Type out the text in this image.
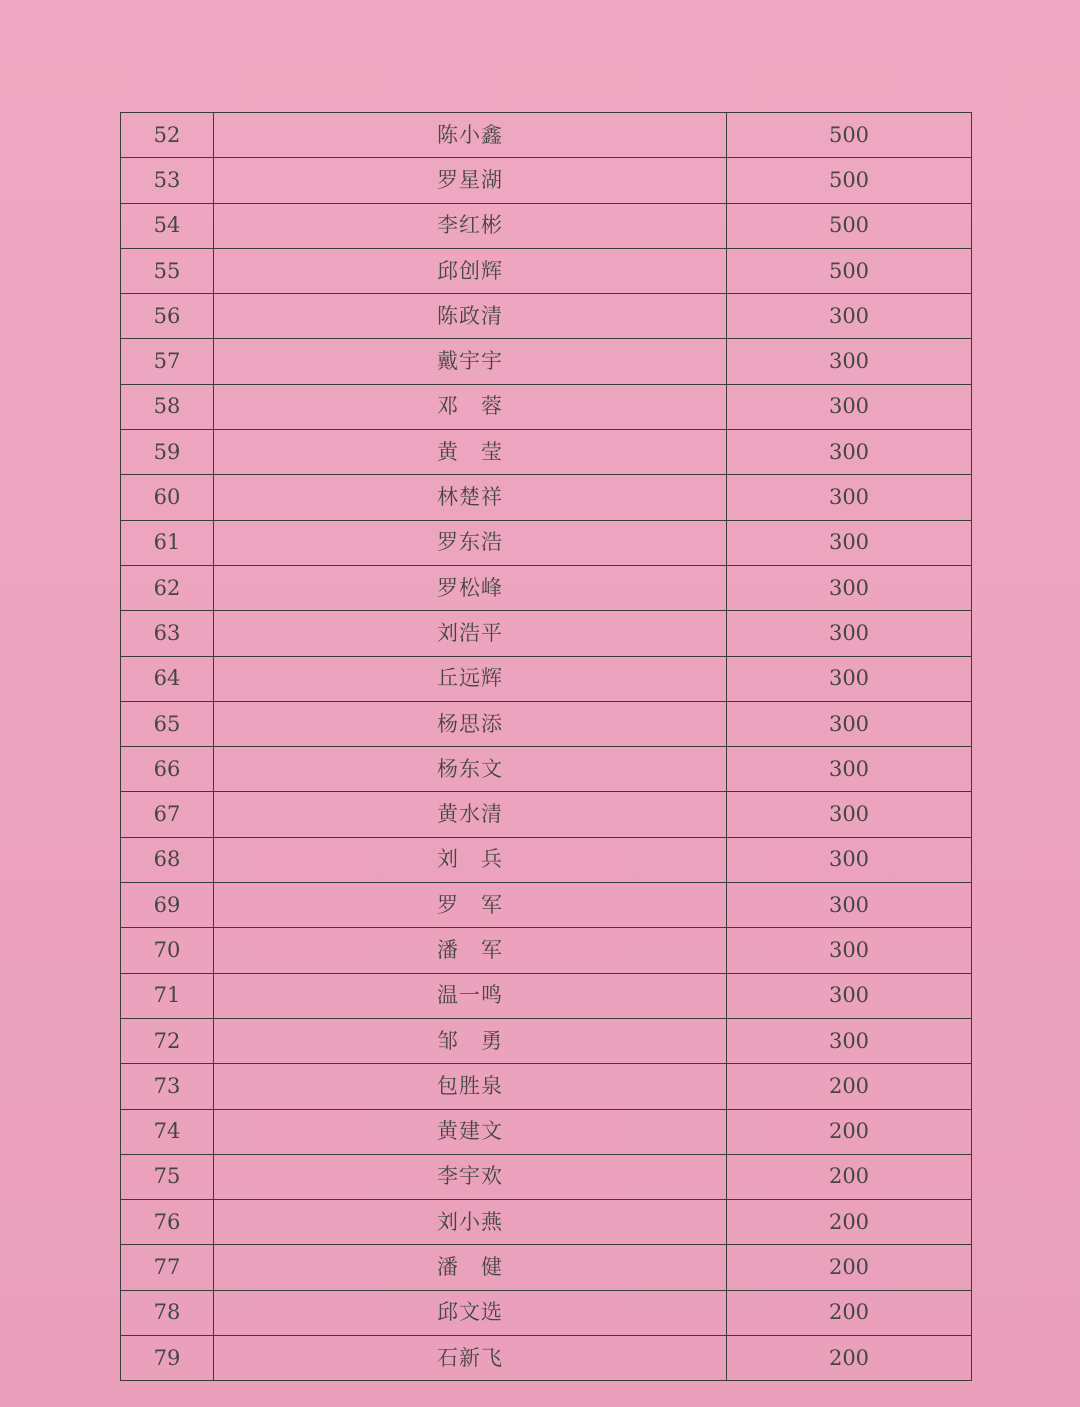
52	陈小鑫	500
53	罗星湖	500
54	李红彬	500
55	邱创辉	500
56	陈政清	300
57	戴宇宇	300
58	邓　蓉	300
59	黄　莹	300
60	林楚祥	300
61	罗东浩	300
62	罗松峰	300
63	刘浩平	300
64	丘远辉	300
65	杨思添	300
66	杨东文	300
67	黄水清	300
68	刘　兵	300
69	罗　军	300
70	潘　军	300
71	温一鸣	300
72	邹　勇	300
73	包胜泉	200
74	黄建文	200
75	李宇欢	200
76	刘小燕	200
77	潘　健	200
78	邱文选	200
79	石新飞	200
